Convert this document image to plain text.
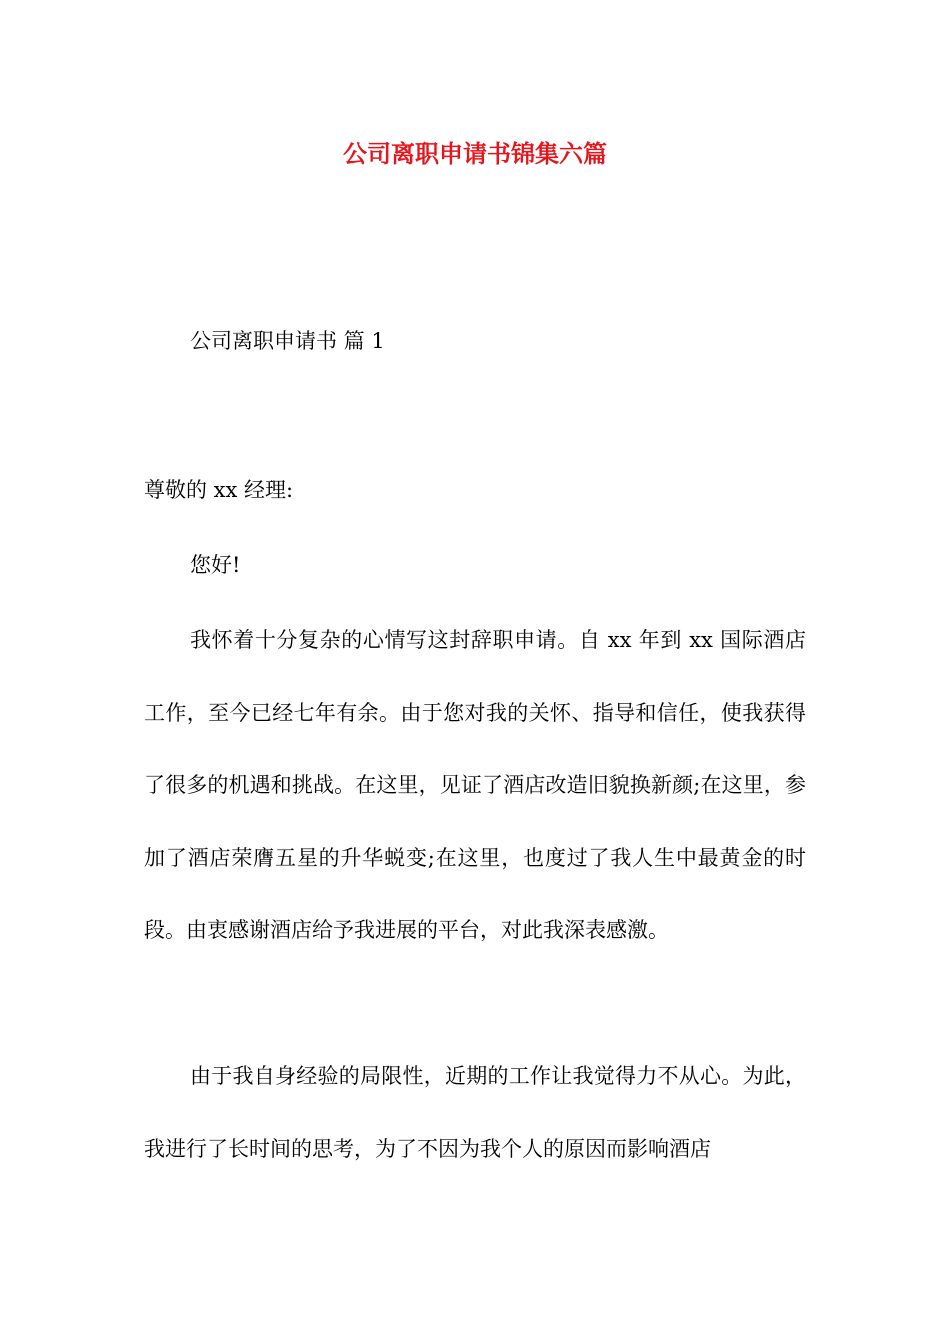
公司离职申请书锦集六篇

公司离职申请书 篇 1

尊敬的 xx 经理:

您好!

我怀着十分复杂的心情写这封辞职申请。自 xx 年到 xx 国际酒店工作，至今已经七年有余。由于您对我的关怀、指导和信任，使我获得了很多的机遇和挑战。在这里，见证了酒店改造旧貌换新颜;在这里，参加了酒店荣膺五星的升华蜕变;在这里，也度过了我人生中最黄金的时段。由衷感谢酒店给予我进展的平台，对此我深表感激。

由于我自身经验的局限性，近期的工作让我觉得力不从心。为此，我进行了长时间的思考，为了不因为我个人的原因而影响酒店
